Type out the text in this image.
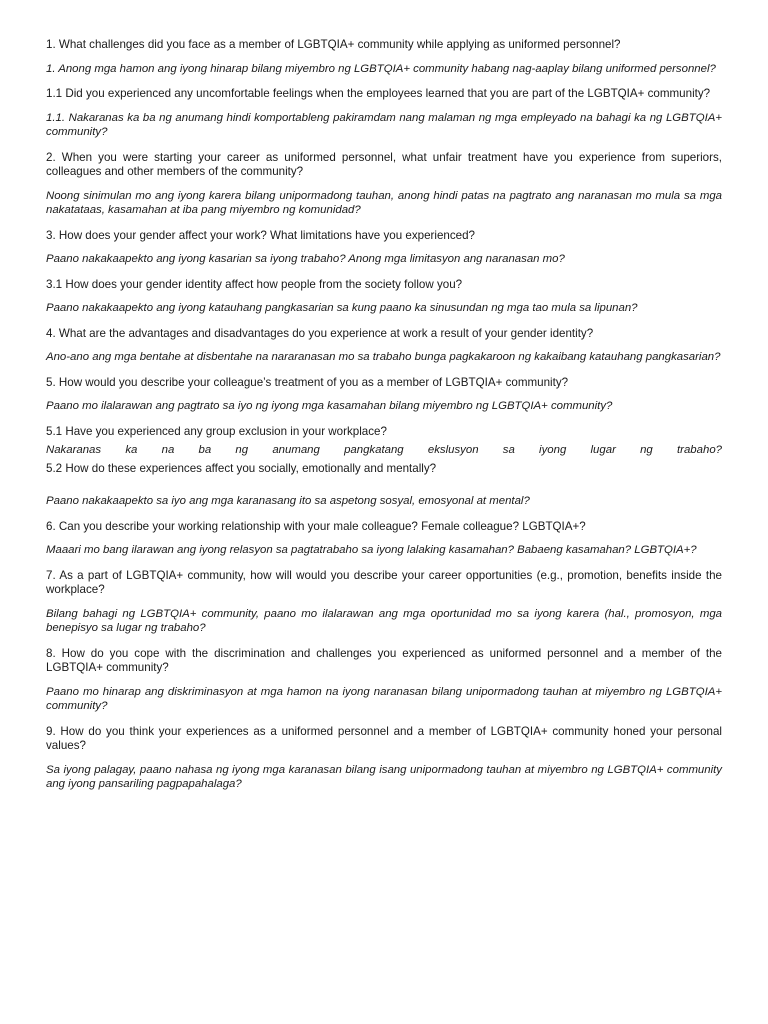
1. What challenges did you face as a member of LGBTQIA+ community while applying as uniformed personnel?

1. Anong mga hamon ang iyong hinarap bilang miyembro ng LGBTQIA+ community habang nag-aaplay bilang uniformed personnel?

1.1 Did you experienced any uncomfortable feelings when the employees learned that you are part of the LGBTQIA+ community?

1.1. Nakaranas ka ba ng anumang hindi komportableng pakiramdam nang malaman ng mga empleyado na bahagi ka ng LGBTQIA+ community?

2. When you were starting your career as uniformed personnel, what unfair treatment have you experience from superiors, colleagues and other members of the community?

Noong sinimulan mo ang iyong karera bilang unipormadong tauhan, anong hindi patas na pagtrato ang naranasan mo mula sa mga nakatataas, kasamahan at iba pang miyembro ng komunidad?

3. How does your gender affect your work? What limitations have you experienced?

Paano nakakaapekto ang iyong kasarian sa iyong trabaho? Anong mga limitasyon ang naranasan mo?

3.1 How does your gender identity affect how people from the society follow you?

Paano nakakaapekto ang iyong katauhang pangkasarian sa kung paano ka sinusundan ng mga tao mula sa lipunan?

4. What are the advantages and disadvantages do you experience at work a result of your gender identity?

Ano-ano ang mga bentahe at disbentahe na nararanasan mo sa trabaho bunga pagkakaroon ng kakaibang katauhang pangkasarian?

5. How would you describe your colleague’s treatment of you as a member of LGBTQIA+ community?

Paano mo ilalarawan ang pagtrato sa iyo ng iyong mga kasamahan bilang miyembro ng LGBTQIA+ community?

5.1 Have you experienced any group exclusion in your workplace?

Nakaranas ka na ba ng anumang pangkatang ekslusyon sa iyong lugar ng trabaho?

5.2 How do these experiences affect you socially, emotionally and mentally?

Paano nakakaapekto sa iyo ang mga karanasang ito sa aspetong sosyal, emosyonal at mental?

6. Can you describe your working relationship with your male colleague? Female colleague? LGBTQIA+?

Maaari mo bang ilarawan ang iyong relasyon sa pagtatrabaho sa iyong lalaking kasamahan? Babaeng kasamahan? LGBTQIA+?

7. As a part of LGBTQIA+ community, how will would you describe your career opportunities (e.g., promotion, benefits inside the workplace?

Bilang bahagi ng LGBTQIA+ community, paano mo ilalarawan ang mga oportunidad mo sa iyong karera (hal., promosyon, mga benepisyo sa lugar ng trabaho?

8. How do you cope with the discrimination and challenges you experienced as uniformed personnel and a member of the LGBTQIA+ community?

Paano mo hinarap ang diskriminasyon at mga hamon na iyong naranasan bilang unipormadong tauhan at miyembro ng LGBTQIA+ community?

9. How do you think your experiences as a uniformed personnel and a member of LGBTQIA+ community honed your personal values?

Sa iyong palagay, paano nahasa ng iyong mga karanasan bilang isang unipormadong tauhan at miyembro ng LGBTQIA+ community ang iyong pansariling pagpapahalaga?
